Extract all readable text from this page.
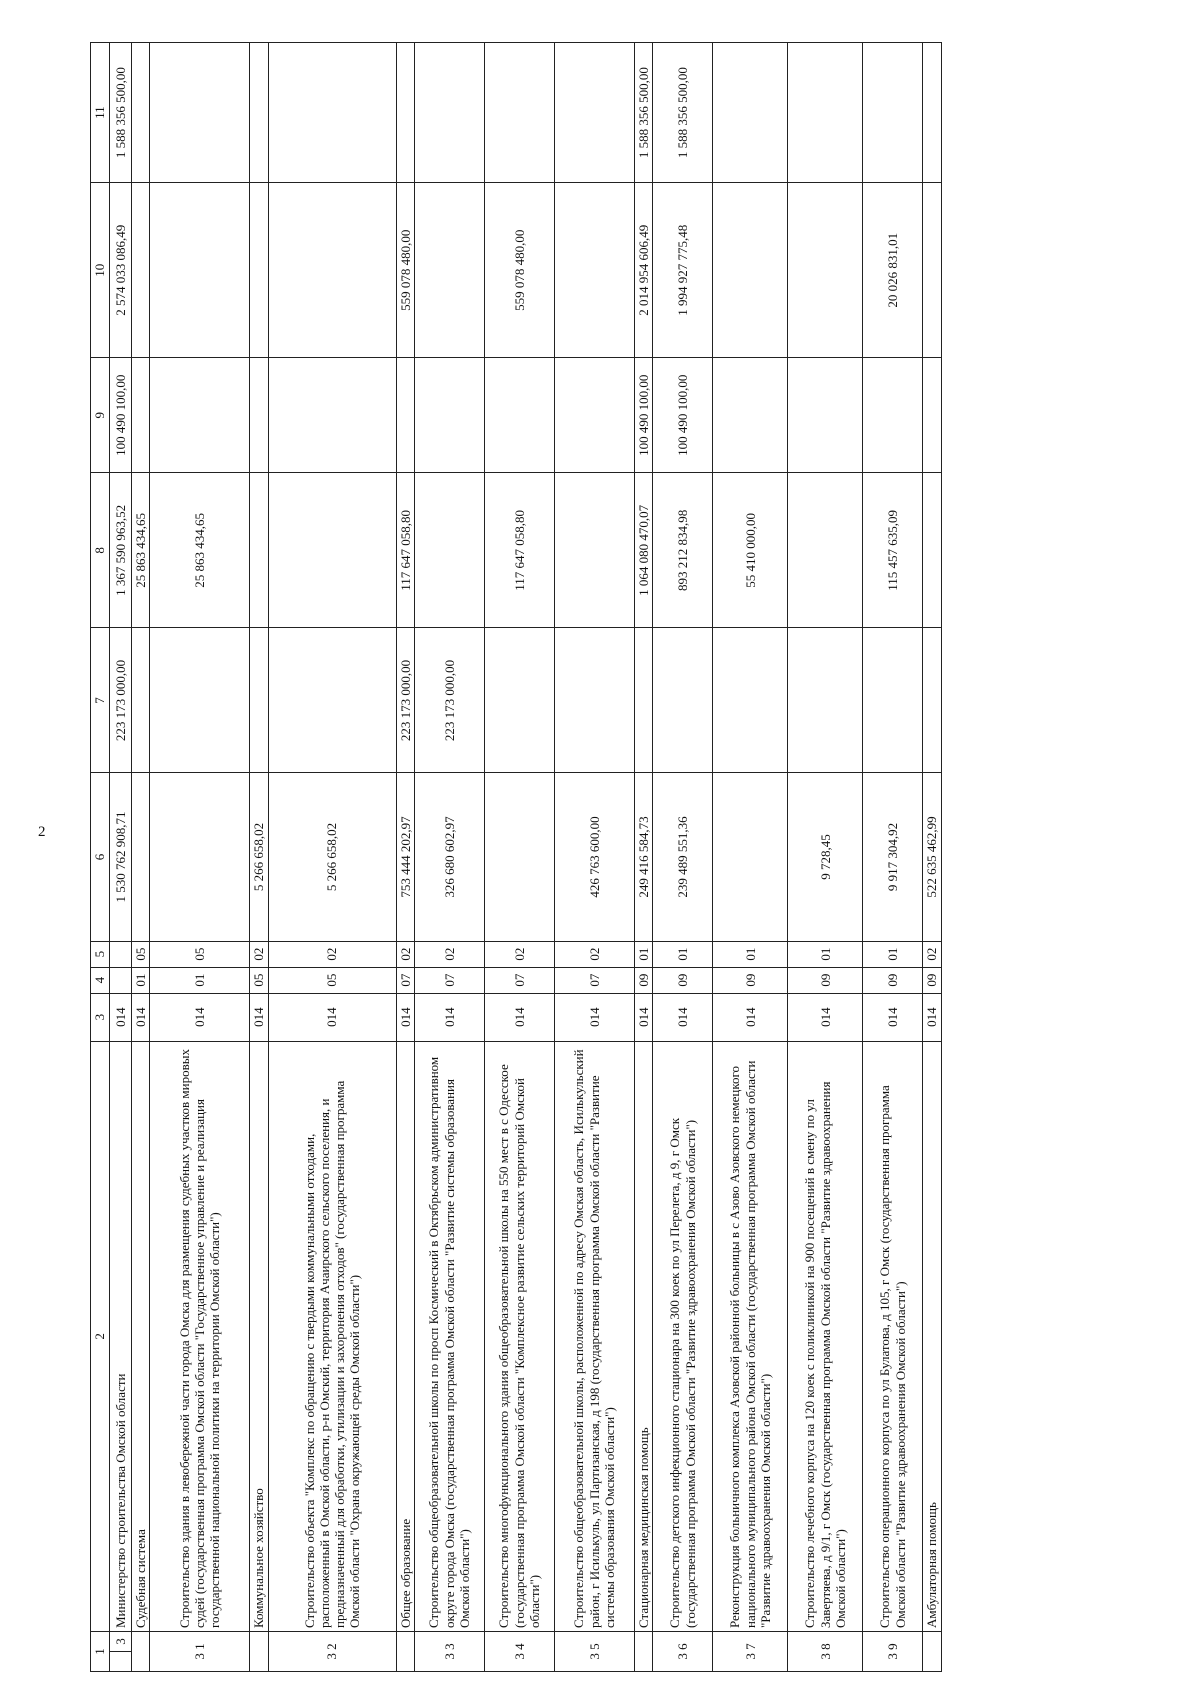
2
1		2	3	4	5	6	7	8	9	10	11
	3	Министерство строительства Омской области	014			1 530 762 908,71	223 173 000,00	1 367 590 963,52	100 490 100,00	2 574 033 086,49	1 588 356 500,00
		Судебная система	014	01	05			25 863 434,65			
3 1		Строительство здания в левобережной части города Омска для размещения судебных участков мировых судей (государственная программа Омской области "Государственное управление и реализация государственной национальной политики на территории Омской области")	014	01	05			25 863 434,65			
		Коммунальное хозяйство	014	05	02	5 266 658,02					
3 2		Строительство объекта "Комплекс по обращению с твердыми коммунальными отходами, расположенный в Омской области, р-н Омский, территория Ачаирского сельского поселения, и предназначенный для обработки, утилизации и захоронения отходов" (государственная программа Омской области "Охрана окружающей среды Омской области")	014	05	02	5 266 658,02					
		Общее образование	014	07	02	753 444 202,97	223 173 000,00	117 647 058,80		559 078 480,00	
3 3		Строительство общеобразовательной школы по просп Космический в Октябрьском административном округе города Омска (государственная программа Омской области "Развитие системы образования Омской области")	014	07	02	326 680 602,97	223 173 000,00				
3 4		Строительство многофункционального здания общеобразовательной школы на 550 мест в с Одесское (государственная программа Омской области "Комплексное развитие сельских территорий Омской области")	014	07	02			117 647 058,80		559 078 480,00	
3 5		Строительство общеобразовательной школы, расположенной по адресу Омская область, Исилькульский район, г Исилькуль, ул Партизанская, д 198 (государственная программа Омской области "Развитие системы образования Омской области")	014	07	02	426 763 600,00					
		Стационарная медицинская помощь	014	09	01	249 416 584,73		1 064 080 470,07	100 490 100,00	2 014 954 606,49	1 588 356 500,00
3 6		Строительство детского инфекционного стационара на 300 коек по ул Перелета, д 9, г Омск (государственная программа Омской области "Развитие здравоохранения Омской области")	014	09	01	239 489 551,36		893 212 834,98	100 490 100,00	1 994 927 775,48	1 588 356 500,00
3 7		Реконструкция больничного комплекса Азовской районной больницы в с Азово Азовского немецкого национального муниципального района Омской области (государственная программа Омской области "Развитие здравоохранения Омской области")	014	09	01			55 410 000,00			
3 8		Строительство лечебного корпуса на 120 коек с поликлиникой на 900 посещений в смену по ул Завертяева, д 9/1, г Омск (государственная программа Омской области "Развитие здравоохранения Омской области")	014	09	01	9 728,45					
3 9		Строительство операционного корпуса по ул Булатова, д 105, г Омск (государственная программа Омской области "Развитие здравоохранения Омской области")	014	09	01	9 917 304,92		115 457 635,09		20 026 831,01	
		Амбулаторная помощь	014	09	02	522 635 462,99					
